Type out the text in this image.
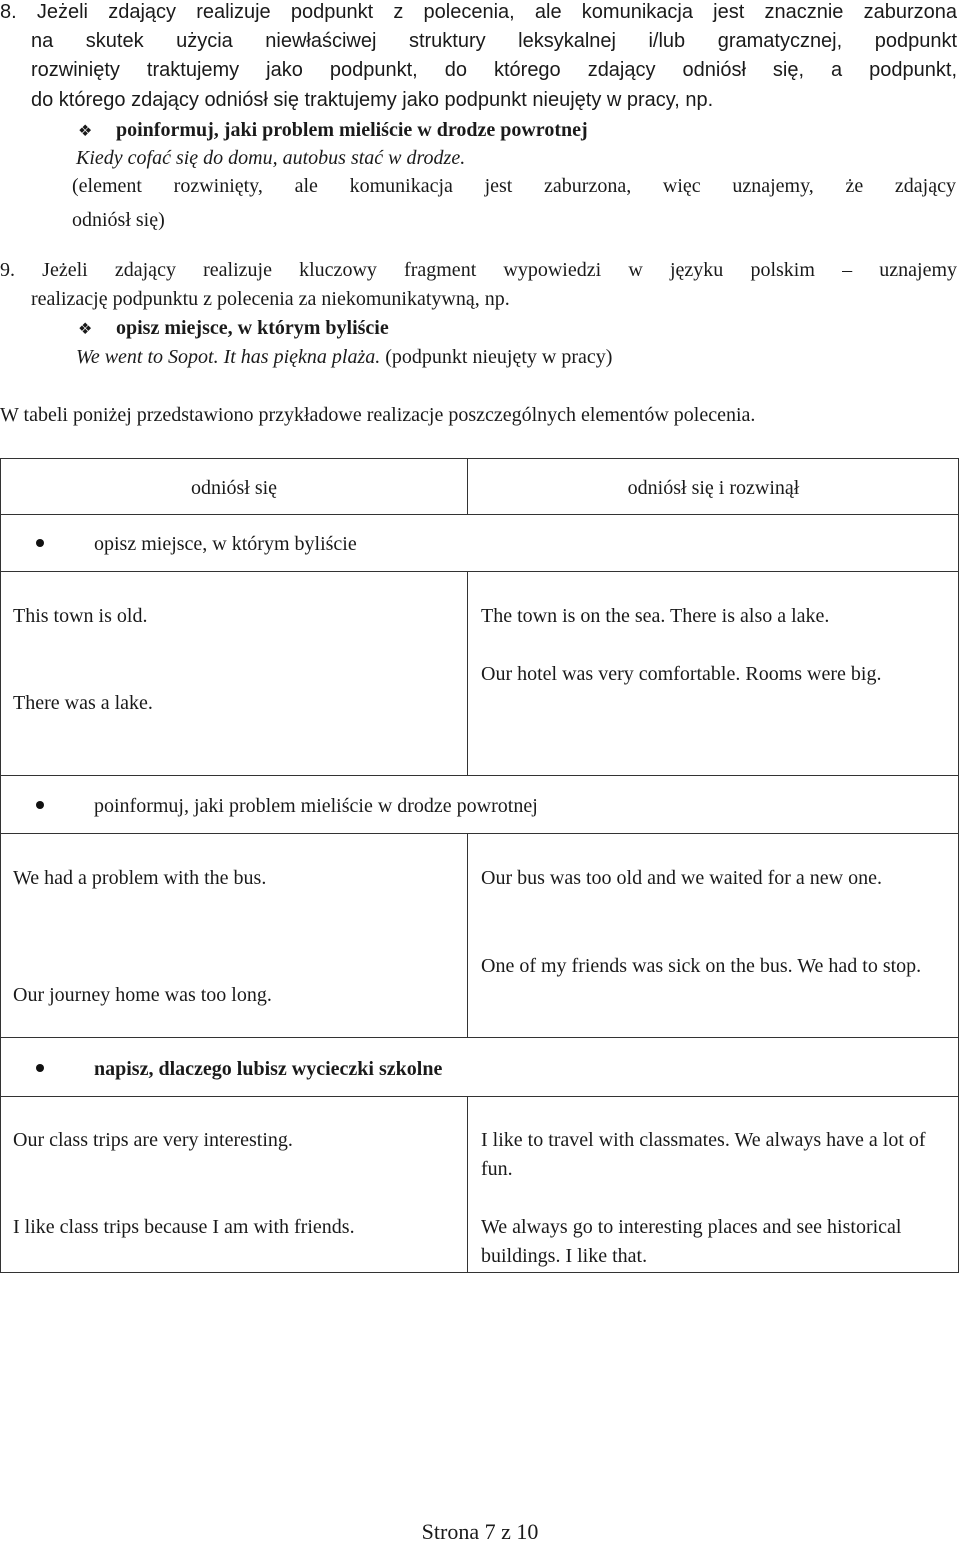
8. Jeżeli zdający realizuje podpunkt z polecenia, ale komunikacja jest znacznie zaburzona
na skutek użycia niewłaściwej struktury leksykalnej i/lub gramatycznej, podpunkt
rozwinięty traktujemy jako podpunkt, do którego zdający odniósł się, a podpunkt,
do którego zdający odniósł się traktujemy jako podpunkt nieujęty w pracy, np.
❖ poinformuj, jaki problem mieliście w drodze powrotnej
Kiedy cofać się do domu, autobus stać w drodze.
(element rozwinięty, ale komunikacja jest zaburzona, więc uznajemy, że zdający
odniósł się)
9. Jeżeli zdający realizuje kluczowy fragment wypowiedzi w języku polskim – uznajemy
realizację podpunktu z polecenia za niekomunikatywną, np.
❖ opisz miejsce, w którym byliście
We went to Sopot. It has piękna plaża. (podpunkt nieujęty w pracy)
W tabeli poniżej przedstawiono przykładowe realizacje poszczególnych elementów polecenia.
odniósł się	odniósł się i rozwinął
opisz miejsce, w którym byliście
This town is old.
There was a lake.
The town is on the sea. There is also a lake.
Our hotel was very comfortable. Rooms were big.
poinformuj, jaki problem mieliście w drodze powrotnej
We had a problem with the bus.
Our journey home was too long.
Our bus was too old and we waited for a new one.
One of my friends was sick on the bus. We had to stop.
napisz, dlaczego lubisz wycieczki szkolne
Our class trips are very interesting.
I like class trips because I am with friends.
I like to travel with classmates. We always have a lot of fun.
We always go to interesting places and see historical buildings. I like that.
Strona 7 z 10
